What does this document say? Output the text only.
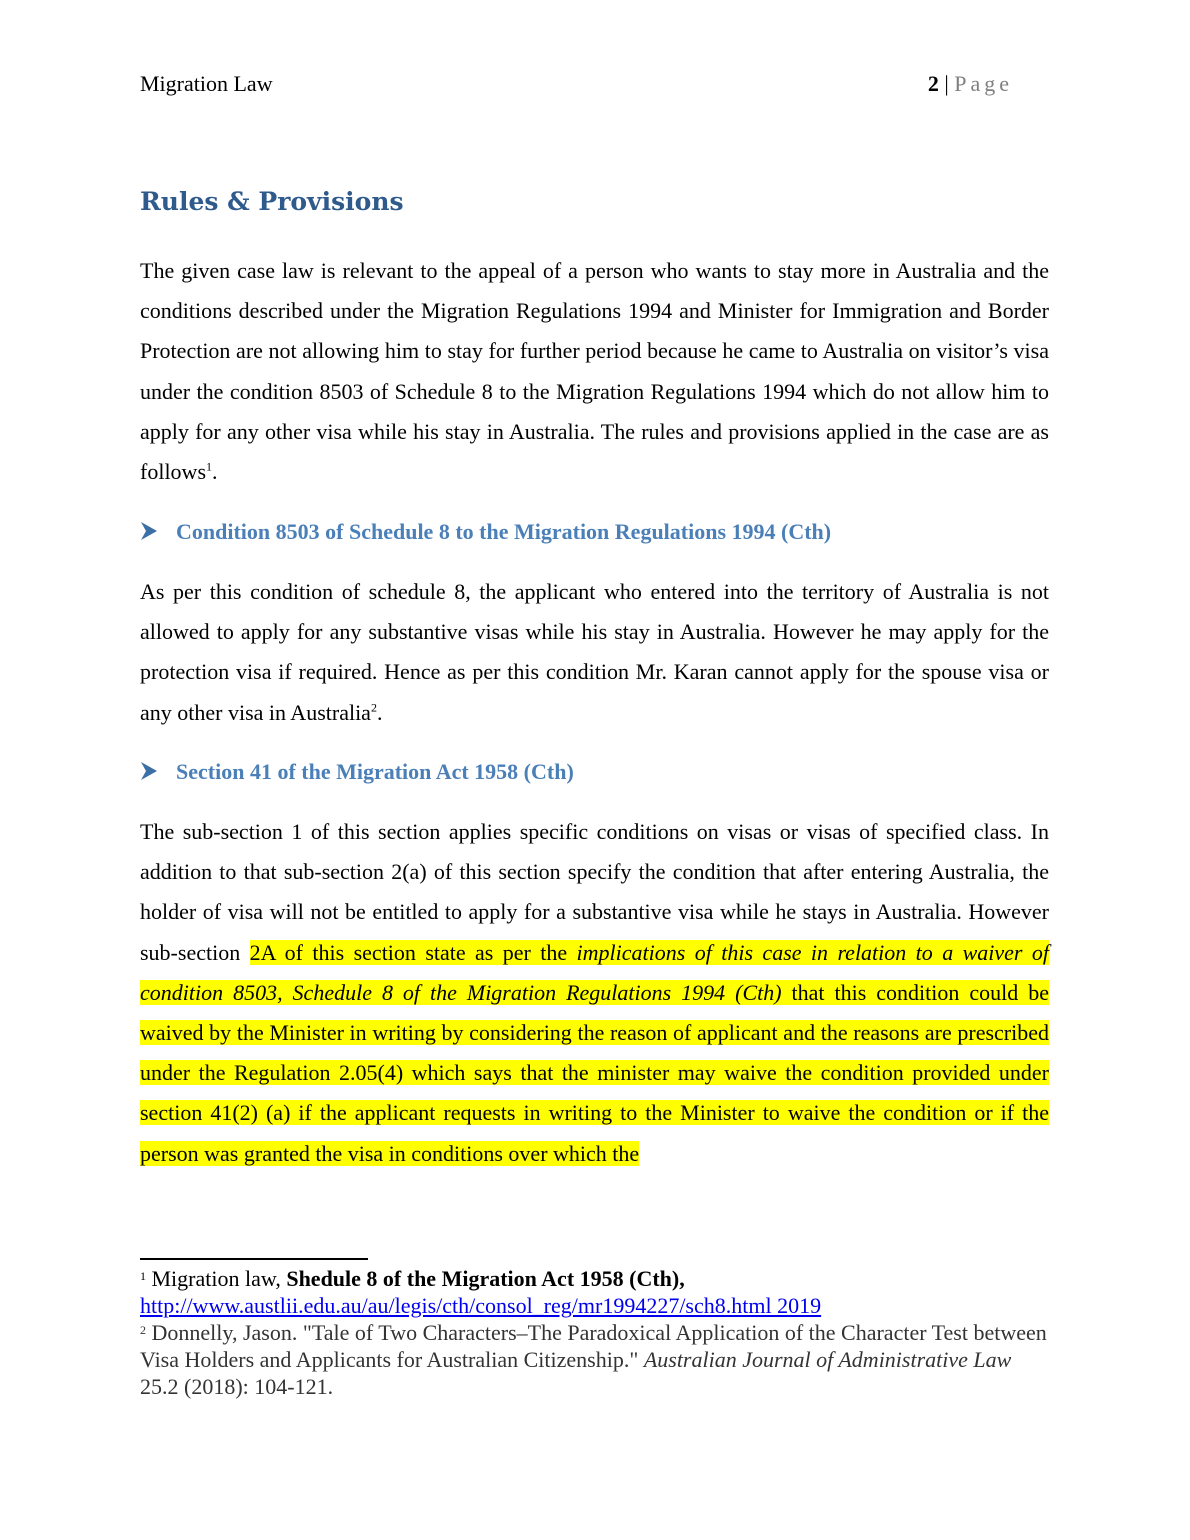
Migration Law	2 | Page
Rules & Provisions

The given case law is relevant to the appeal of a person who wants to stay more in Australia and the conditions described under the Migration Regulations 1994 and Minister for Immigration and Border Protection are not allowing him to stay for further period because he came to Australia on visitor’s visa under the condition 8503 of Schedule 8 to the Migration Regulations 1994 which do not allow him to apply for any other visa while his stay in Australia. The rules and provisions applied in the case are as follows$^1$.

Condition 8503 of Schedule 8 to the Migration Regulations 1994 (Cth)

As per this condition of schedule 8, the applicant who entered into the territory of Australia is not allowed to apply for any substantive visas while his stay in Australia. However he may apply for the protection visa if required. Hence as per this condition Mr. Karan cannot apply for the spouse visa or any other visa in Australia$^2$.

Section 41 of the Migration Act 1958 (Cth)

The sub-section 1 of this section applies specific conditions on visas or visas of specified class. In addition to that sub-section 2(a) of this section specify the condition that after entering Australia, the holder of visa will not be entitled to apply for a substantive visa while he stays in Australia. However sub-section 2A of this section state as per the implications of this case in relation to a waiver of condition 8503, Schedule 8 of the Migration Regulations 1994 (Cth) that this condition could be waived by the Minister in writing by considering the reason of applicant and the reasons are prescribed under the Regulation 2.05(4) which says that the minister may waive the condition provided under section 41(2) (a) if the applicant requests in writing to the Minister to waive the condition or if the person was granted the visa in conditions over which the

$^1$ Migration law, Shedule 8 of the Migration Act 1958 (Cth),
http://www.austlii.edu.au/au/legis/cth/consol_reg/mr1994227/sch8.html 2019

$^2$ Donnelly, Jason. "Tale of Two Characters–The Paradoxical Application of the Character Test between Visa Holders and Applicants for Australian Citizenship." Australian Journal of Administrative Law 25.2 (2018): 104-121.
